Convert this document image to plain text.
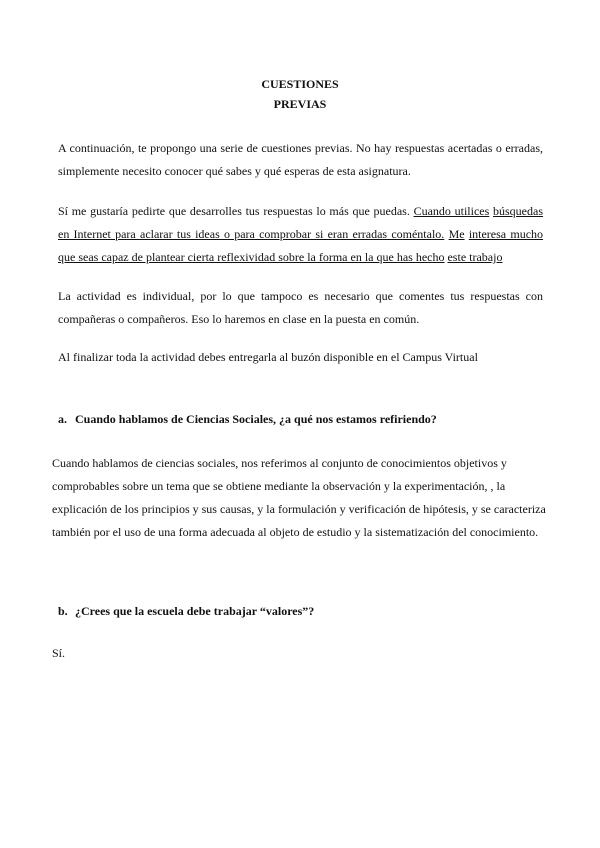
CUESTIONES
PREVIAS

A continuación, te propongo una serie de cuestiones previas. No hay respuestas acertadas o erradas, simplemente necesito conocer qué sabes y qué esperas de esta asignatura.

Sí me gustaría pedirte que desarrolles tus respuestas lo más que puedas. Cuando utilices búsquedas en Internet para aclarar tus ideas o para comprobar si eran erradas coméntalo. Me interesa mucho que seas capaz de plantear cierta reflexividad sobre la forma en la que has hecho este trabajo

La actividad es individual, por lo que tampoco es necesario que comentes tus respuestas con compañeras o compañeros. Eso lo haremos en clase en la puesta en común.

Al finalizar toda la actividad debes entregarla al buzón disponible en el Campus Virtual

a. Cuando hablamos de Ciencias Sociales, ¿a qué nos estamos refiriendo?

Cuando hablamos de ciencias sociales, nos referimos al conjunto de conocimientos objetivos y comprobables sobre un tema que se obtiene mediante la observación y la experimentación, , la explicación de los principios y sus causas, y la formulación y verificación de hipótesis, y se caracteriza también por el uso de una forma adecuada al objeto de estudio y la sistematización del conocimiento.

b. ¿Crees que la escuela debe trabajar “valores”?

Sí.
